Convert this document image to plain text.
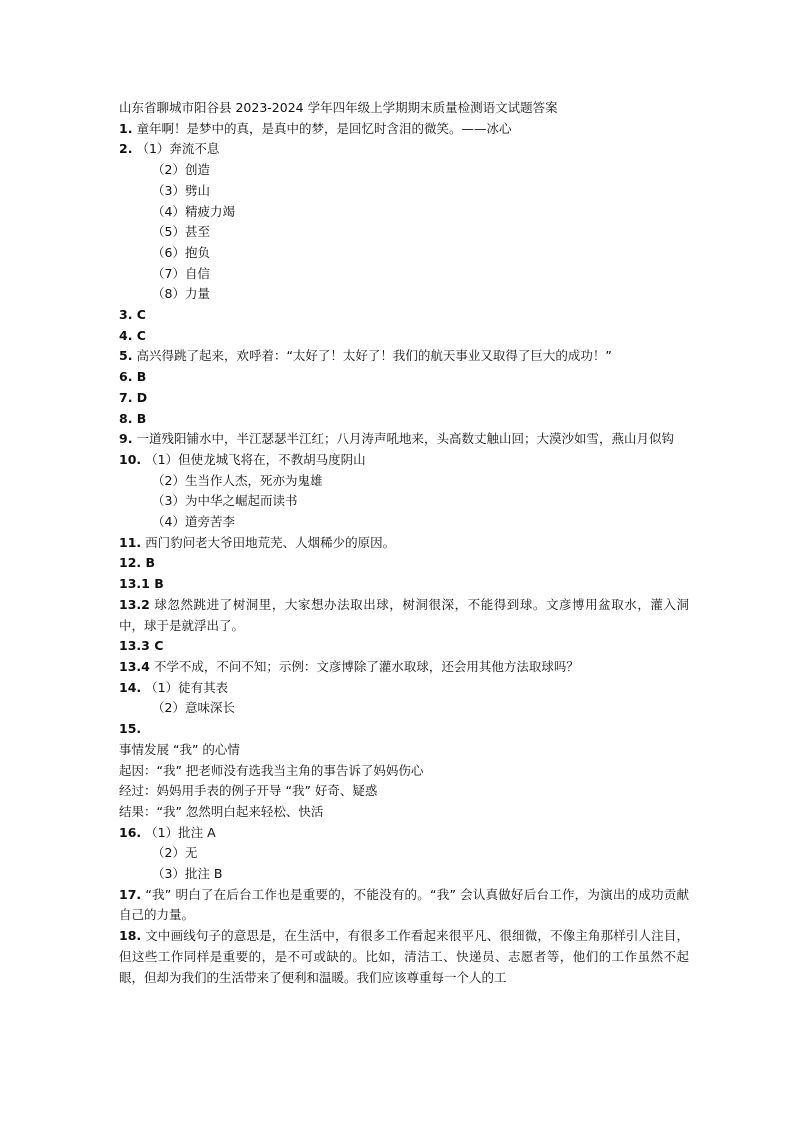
山东省聊城市阳谷县 2023-2024 学年四年级上学期期末质量检测语文试题答案
1. 童年啊！是梦中的真，是真中的梦，是回忆时含泪的微笑。——冰心
2. （1）奔流不息
（2）创造
（3）劈山
（4）精疲力竭
（5）甚至
（6）抱负
（7）自信
（8）力量
3. C
4. C
5. 高兴得跳了起来，欢呼着：“太好了！太好了！我们的航天事业又取得了巨大的成功！”
6. B
7. D
8. B
9. 一道残阳铺水中，半江瑟瑟半江红；八月涛声吼地来，头高数丈触山回；大漠沙如雪，燕山月似钩
10. （1）但使龙城飞将在，不教胡马度阴山
（2）生当作人杰，死亦为鬼雄
（3）为中华之崛起而读书
（4）道旁苦李
11. 西门豹问老大爷田地荒芜、人烟稀少的原因。
12. B
13.1 B
13.2 球忽然跳进了树洞里，大家想办法取出球，树洞很深，不能得到球。文彦博用盆取水，灌入洞中，球于是就浮出了。
13.3 C
13.4 不学不成，不问不知；示例：文彦博除了灌水取球，还会用其他方法取球吗？
14. （1）徒有其表
（2）意味深长
15.
事情发展 “我” 的心情
起因：“我” 把老师没有选我当主角的事告诉了妈妈伤心
经过：妈妈用手表的例子开导 “我” 好奇、疑惑
结果：“我” 忽然明白起来轻松、快活
16. （1）批注 A
（2）无
（3）批注 B
17. “我” 明白了在后台工作也是重要的，不能没有的。“我” 会认真做好后台工作，为演出的成功贡献自己的力量。
18. 文中画线句子的意思是，在生活中，有很多工作看起来很平凡、很细微，不像主角那样引人注目，但这些工作同样是重要的，是不可或缺的。比如，清洁工、快递员、志愿者等，他们的工作虽然不起眼，但却为我们的生活带来了便利和温暖。我们应该尊重每一个人的工
